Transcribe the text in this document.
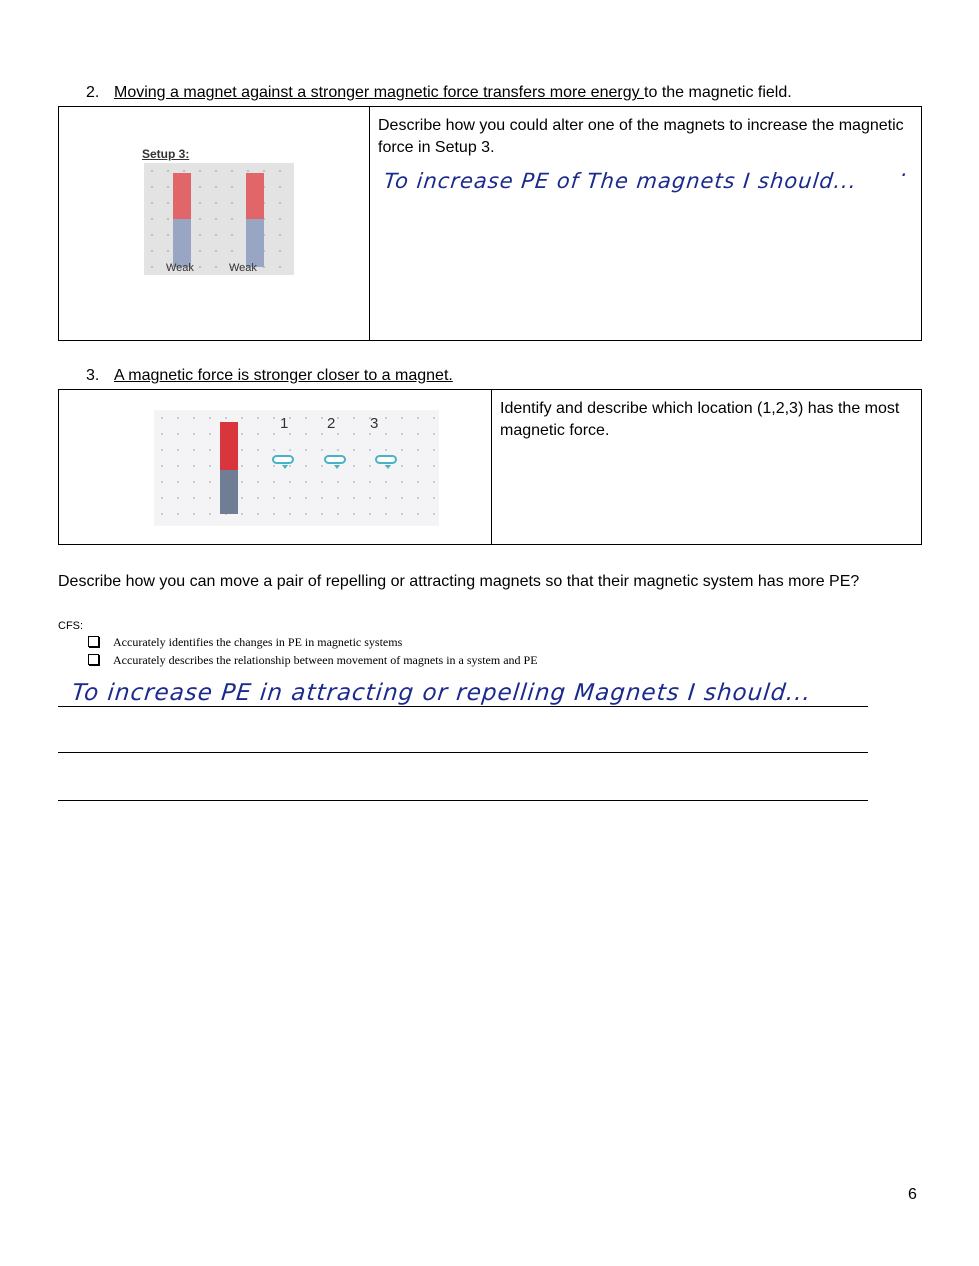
2. Moving a magnet against a stronger magnetic force transfers more energy to the magnetic field.
Setup 3:
Weak	Weak
Describe how you could alter one of the magnets to increase the magnetic force in Setup 3.
To increase PE of The magnets I should... ·
3. A magnetic force is stronger closer to a magnet.
1	2 3
Identify and describe which location (1,2,3) has the most magnetic force.
Describe how you can move a pair of repelling or attracting magnets so that their magnetic system has more PE?
CFS:
Accurately identifies the changes in PE in magnetic systems
Accurately describes the relationship between movement of magnets in a system and PE
To increase PE in attracting or repelling Magnets I should...
6
